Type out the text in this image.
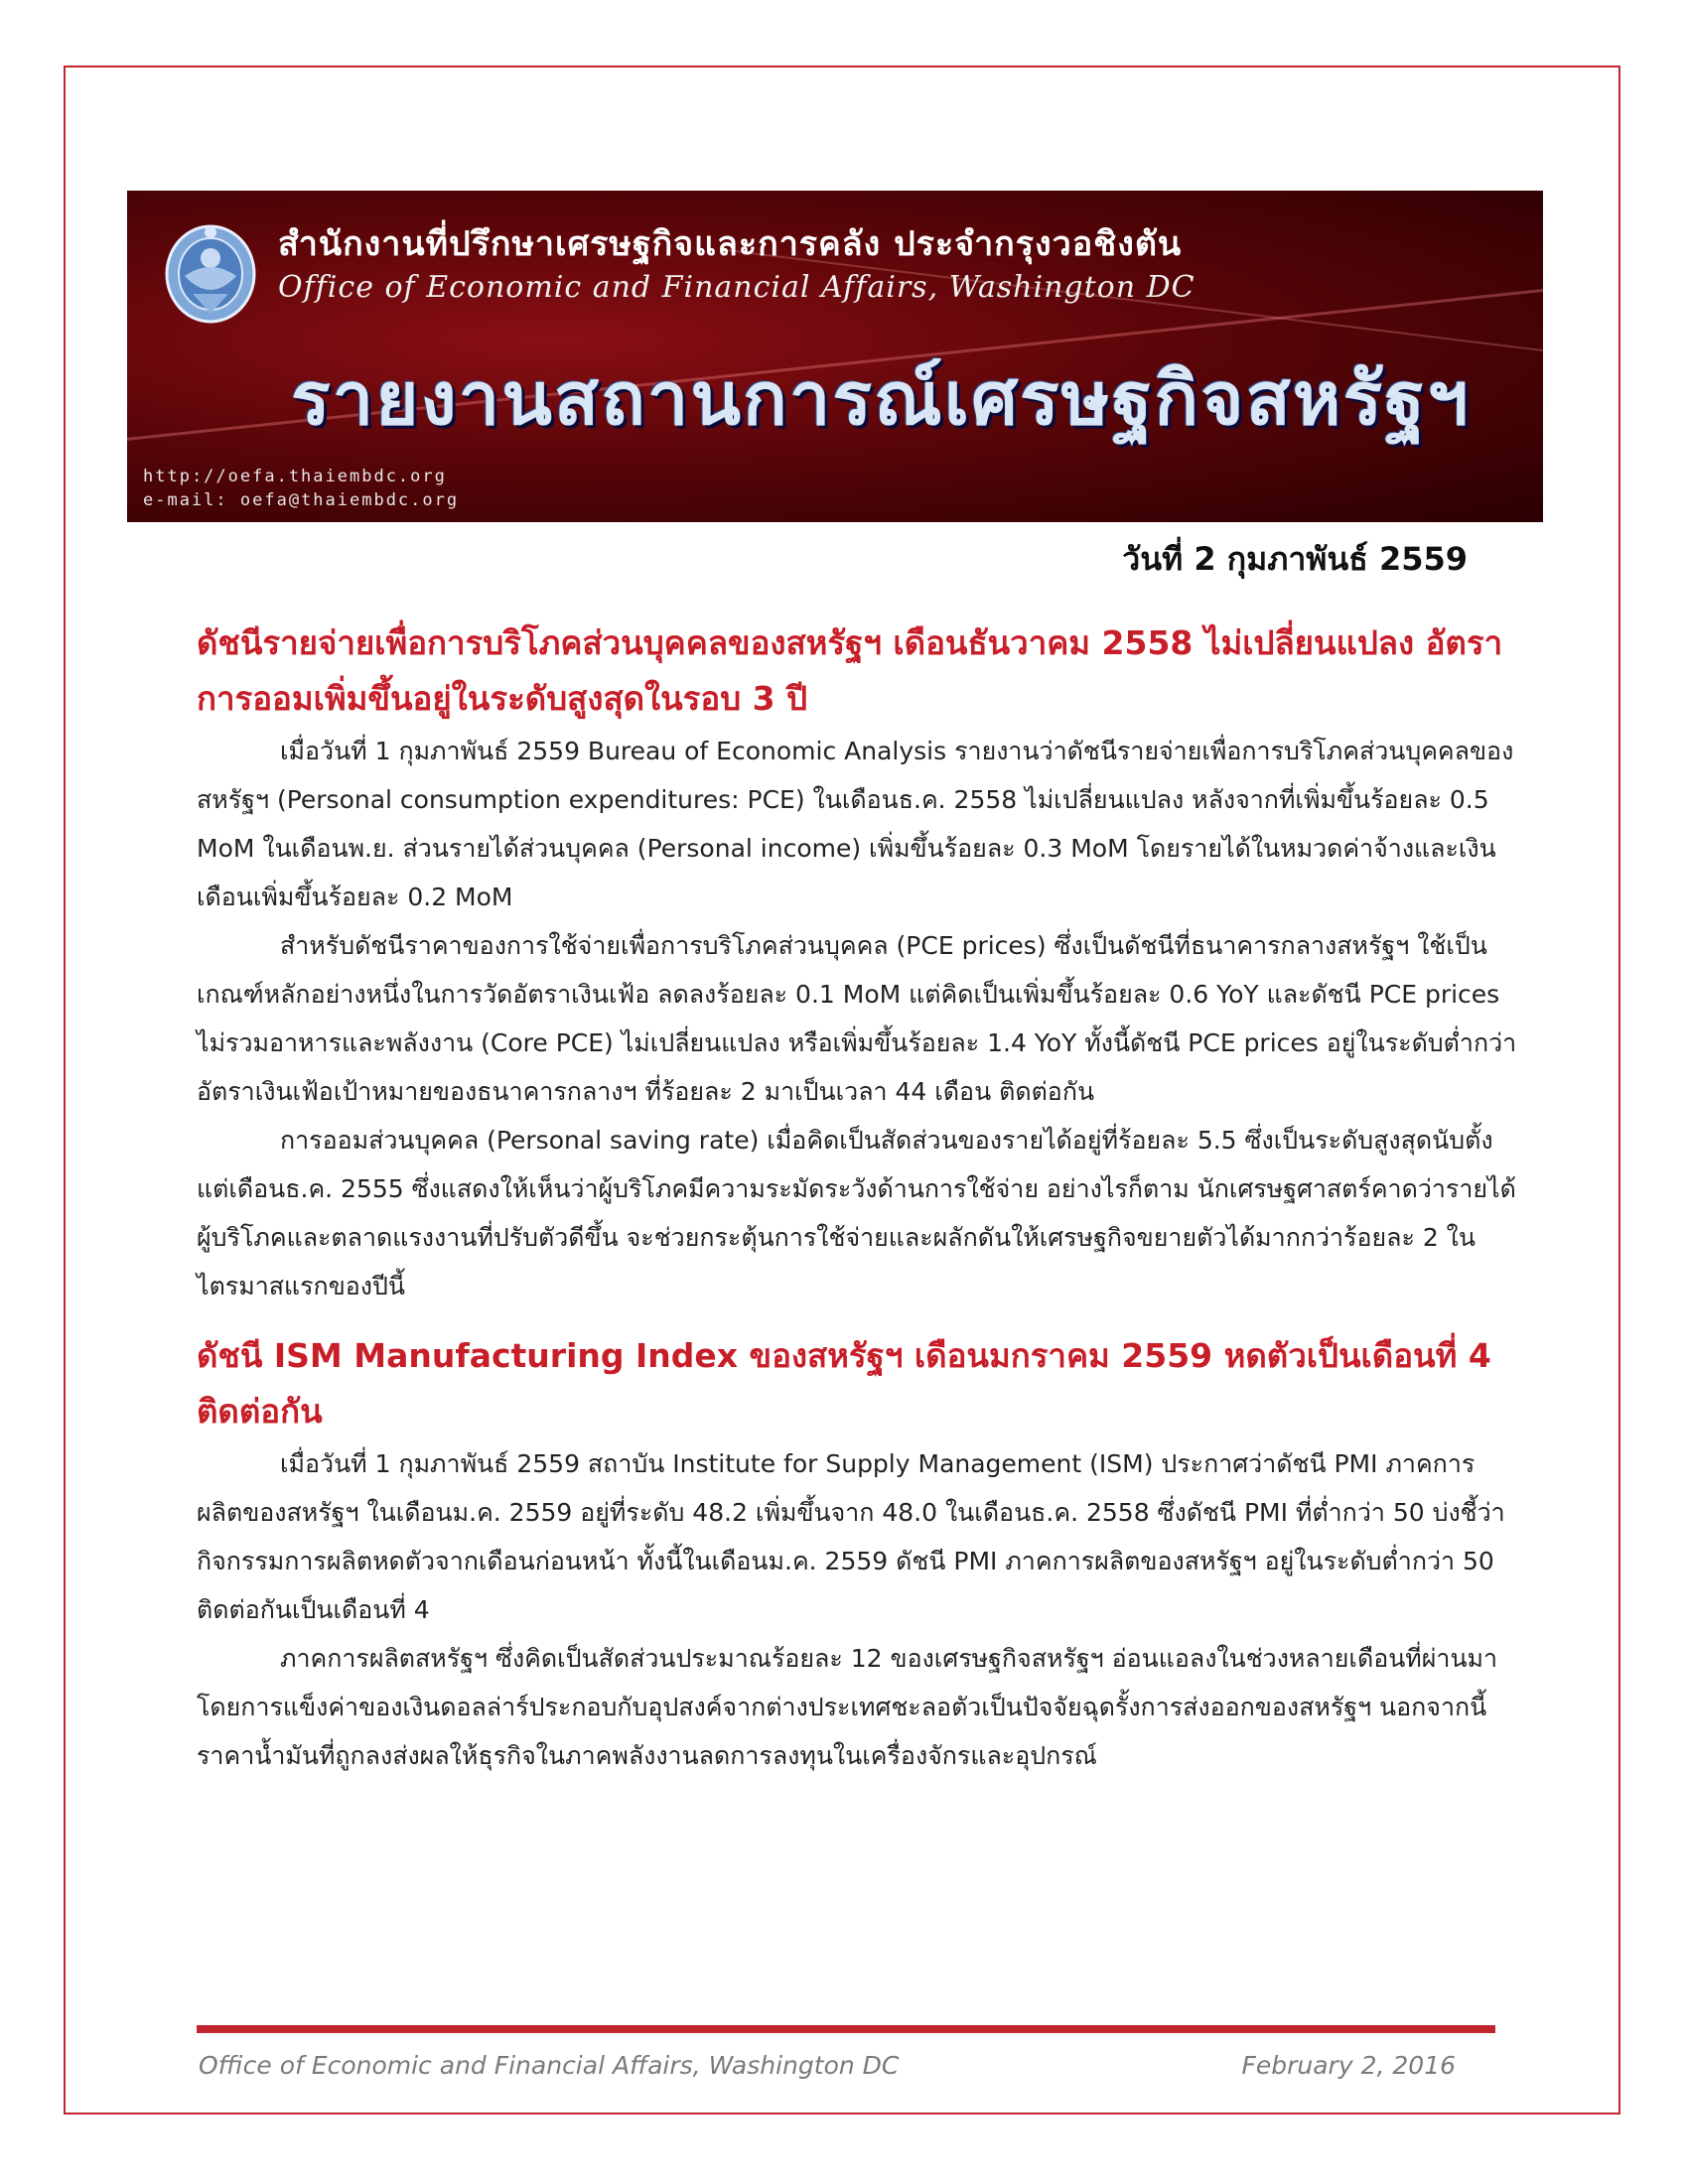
สำนักงานที่ปรึกษาเศรษฐกิจและการคลัง ประจำกรุงวอชิงตัน
Office of Economic and Financial Affairs, Washington DC
รายงานสถานการณ์เศรษฐกิจสหรัฐฯ
http://oefa.thaiembdc.org
e-mail: oefa@thaiembdc.org
วันที่ 2 กุมภาพันธ์ 2559
ดัชนีรายจ่ายเพื่อการบริโภคส่วนบุคคลของสหรัฐฯ เดือนธันวาคม 2558 ไม่เปลี่ยนแปลง อัตราการออมเพิ่มขึ้นอยู่ในระดับสูงสุดในรอบ 3 ปี

เมื่อวันที่ 1 กุมภาพันธ์ 2559 Bureau of Economic Analysis รายงานว่าดัชนีรายจ่ายเพื่อการบริโภคส่วนบุคคลของสหรัฐฯ (Personal consumption expenditures: PCE) ในเดือนธ.ค. 2558 ไม่เปลี่ยนแปลง หลังจากที่เพิ่มขึ้นร้อยละ 0.5 MoM ในเดือนพ.ย. ส่วนรายได้ส่วนบุคคล (Personal income) เพิ่มขึ้นร้อยละ 0.3 MoM โดยรายได้ในหมวดค่าจ้างและเงินเดือนเพิ่มขึ้นร้อยละ 0.2 MoM

สำหรับดัชนีราคาของการใช้จ่ายเพื่อการบริโภคส่วนบุคคล (PCE prices) ซึ่งเป็นดัชนีที่ธนาคารกลางสหรัฐฯ ใช้เป็นเกณฑ์หลักอย่างหนึ่งในการวัดอัตราเงินเฟ้อ ลดลงร้อยละ 0.1 MoM แต่คิดเป็นเพิ่มขึ้นร้อยละ 0.6 YoY และดัชนี PCE prices ไม่รวมอาหารและพลังงาน (Core PCE) ไม่เปลี่ยนแปลง หรือเพิ่มขึ้นร้อยละ 1.4 YoY ทั้งนี้ดัชนี PCE prices อยู่ในระดับต่ำกว่าอัตราเงินเฟ้อเป้าหมายของธนาคารกลางฯ ที่ร้อยละ 2 มาเป็นเวลา 44 เดือน ติดต่อกัน

การออมส่วนบุคคล (Personal saving rate) เมื่อคิดเป็นสัดส่วนของรายได้อยู่ที่ร้อยละ 5.5 ซึ่งเป็นระดับสูงสุดนับตั้งแต่เดือนธ.ค. 2555 ซึ่งแสดงให้เห็นว่าผู้บริโภคมีความระมัดระวังด้านการใช้จ่าย อย่างไรก็ตาม นักเศรษฐศาสตร์คาดว่ารายได้ผู้บริโภคและตลาดแรงงานที่ปรับตัวดีขึ้น จะช่วยกระตุ้นการใช้จ่ายและผลักดันให้เศรษฐกิจขยายตัวได้มากกว่าร้อยละ 2 ในไตรมาสแรกของปีนี้

ดัชนี ISM Manufacturing Index ของสหรัฐฯ เดือนมกราคม 2559 หดตัวเป็นเดือนที่ 4 ติดต่อกัน

เมื่อวันที่ 1 กุมภาพันธ์ 2559 สถาบัน Institute for Supply Management (ISM) ประกาศว่าดัชนี PMI ภาคการผลิตของสหรัฐฯ ในเดือนม.ค. 2559 อยู่ที่ระดับ 48.2 เพิ่มขึ้นจาก 48.0 ในเดือนธ.ค. 2558 ซึ่งดัชนี PMI ที่ต่ำกว่า 50 บ่งชี้ว่ากิจกรรมการผลิตหดตัวจากเดือนก่อนหน้า ทั้งนี้ในเดือนม.ค. 2559 ดัชนี PMI ภาคการผลิตของสหรัฐฯ อยู่ในระดับต่ำกว่า 50 ติดต่อกันเป็นเดือนที่ 4

ภาคการผลิตสหรัฐฯ ซึ่งคิดเป็นสัดส่วนประมาณร้อยละ 12 ของเศรษฐกิจสหรัฐฯ อ่อนแอลงในช่วงหลายเดือนที่ผ่านมา โดยการแข็งค่าของเงินดอลล่าร์ประกอบกับอุปสงค์จากต่างประเทศชะลอตัวเป็นปัจจัยฉุดรั้งการส่งออกของสหรัฐฯ นอกจากนี้ราคาน้ำมันที่ถูกลงส่งผลให้ธุรกิจในภาคพลังงานลดการลงทุนในเครื่องจักรและอุปกรณ์

Office of Economic and Financial Affairs, Washington DC	February 2, 2016
